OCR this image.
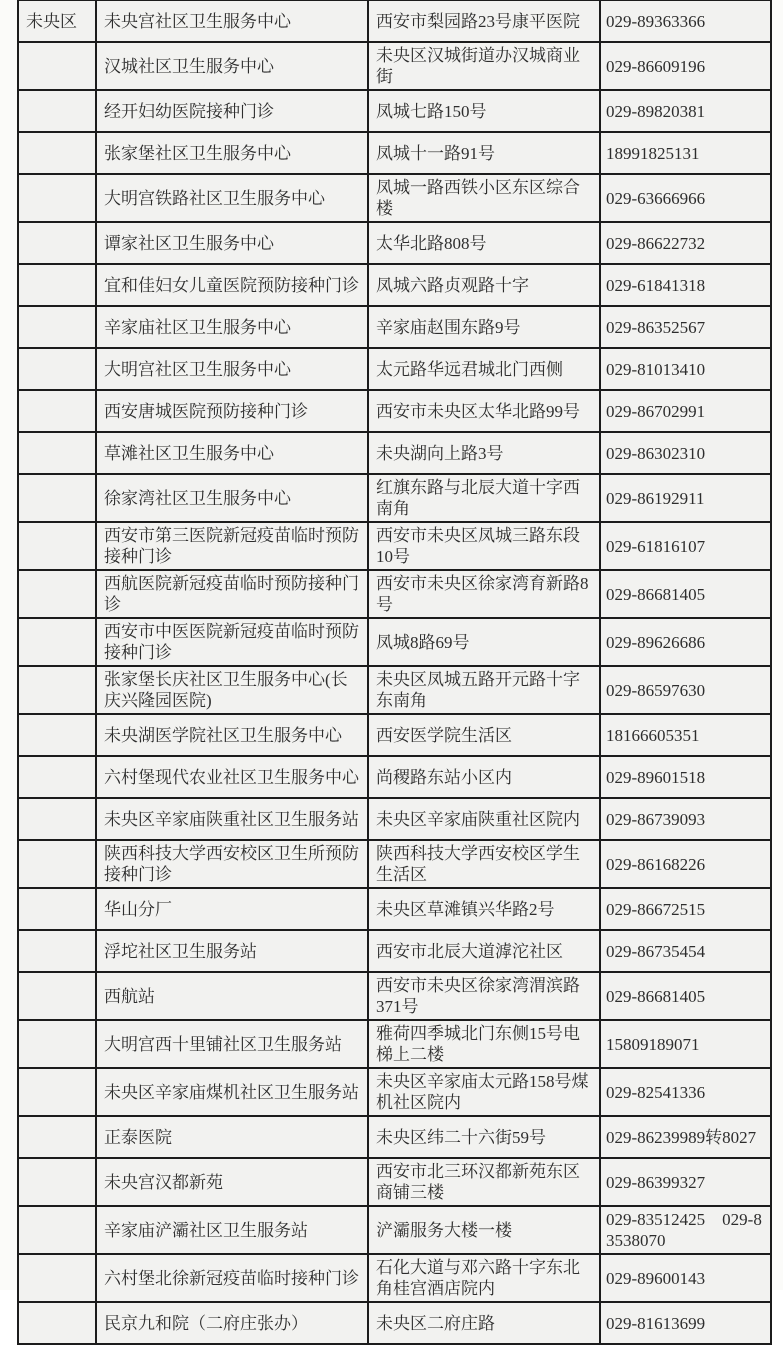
未央区	未央宫社区卫生服务中心	西安市梨园路23号康平医院	029-89363366
	汉城社区卫生服务中心	未央区汉城街道办汉城商业街	029-86609196
	经开妇幼医院接种门诊	凤城七路150号	029-89820381
	张家堡社区卫生服务中心	凤城十一路91号	18991825131
	大明宫铁路社区卫生服务中心	凤城一路西铁小区东区综合楼	029-63666966
	谭家社区卫生服务中心	太华北路808号	029-86622732
	宜和佳妇女儿童医院预防接种门诊	凤城六路贞观路十字	029-61841318
	辛家庙社区卫生服务中心	辛家庙赵围东路9号	029-86352567
	大明宫社区卫生服务中心	太元路华远君城北门西侧	029-81013410
	西安唐城医院预防接种门诊	西安市未央区太华北路99号	029-86702991
	草滩社区卫生服务中心	未央湖向上路3号	029-86302310
	徐家湾社区卫生服务中心	红旗东路与北辰大道十字西南角	029-86192911
	西安市第三医院新冠疫苗临时预防接种门诊	西安市未央区凤城三路东段10号	029-61816107
	西航医院新冠疫苗临时预防接种门诊	西安市未央区徐家湾育新路8号	029-86681405
	西安市中医医院新冠疫苗临时预防接种门诊	凤城8路69号	029-89626686
	张家堡长庆社区卫生服务中心(长庆兴隆园医院)	未央区凤城五路开元路十字东南角	029-86597630
	未央湖医学院社区卫生服务中心	西安医学院生活区	18166605351
	六村堡现代农业社区卫生服务中心	尚稷路东站小区内	029-89601518
	未央区辛家庙陕重社区卫生服务站	未央区辛家庙陕重社区院内	029-86739093
	陕西科技大学西安校区卫生所预防接种门诊	陕西科技大学西安校区学生生活区	029-86168226
	华山分厂	未央区草滩镇兴华路2号	029-86672515
	浮坨社区卫生服务站	西安市北辰大道滹沱社区	029-86735454
	西航站	西安市未央区徐家湾渭滨路371号	029-86681405
	大明宫西十里铺社区卫生服务站	雅荷四季城北门东侧15号电梯上二楼	15809189071
	未央区辛家庙煤机社区卫生服务站	未央区辛家庙太元路158号煤机社区院内	029-82541336
	正泰医院	未央区纬二十六街59号	029-86239989转8027
	未央宫汉都新苑	西安市北三环汉都新苑东区商铺三楼	029-86399327
	辛家庙浐灞社区卫生服务站	浐灞服务大楼一楼	029-83512425　029-83538070
	六村堡北徐新冠疫苗临时接种门诊	石化大道与邓六路十字东北角桂宫酒店院内	029-89600143
	民京九和院（二府庄张办）	未央区二府庄路	029-81613699
